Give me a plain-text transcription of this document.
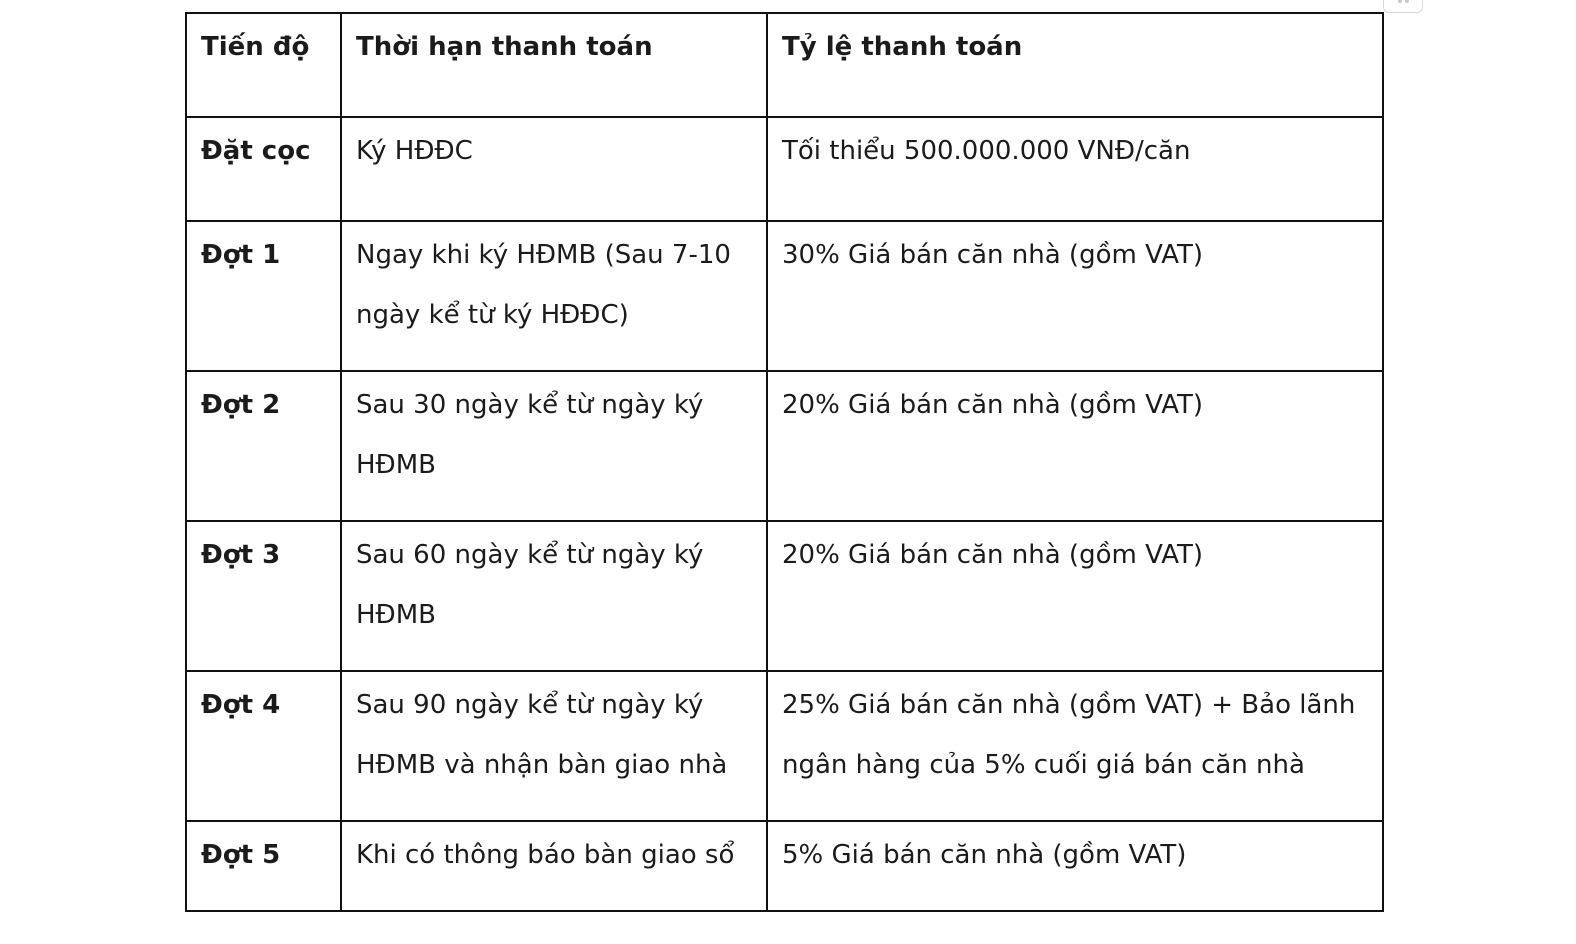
Tiến độ	Thời hạn thanh toán	Tỷ lệ thanh toán

Đặt cọc	Ký HĐĐC	Tối thiểu 500.000.000 VNĐ/căn

Đợt 1	Ngay khi ký HĐMB (Sau 7-10 ngày kể từ ký HĐĐC)	30% Giá bán căn nhà (gồm VAT)

Đợt 2	Sau 30 ngày kể từ ngày ký HĐMB	20% Giá bán căn nhà (gồm VAT)

Đợt 3	Sau 60 ngày kể từ ngày ký HĐMB	20% Giá bán căn nhà (gồm VAT)

Đợt 4	Sau 90 ngày kể từ ngày ký HĐMB và nhận bàn giao nhà	25% Giá bán căn nhà (gồm VAT) + Bảo lãnh ngân hàng của 5% cuối giá bán căn nhà

Đợt 5	Khi có thông báo bàn giao sổ	5% Giá bán căn nhà (gồm VAT)
